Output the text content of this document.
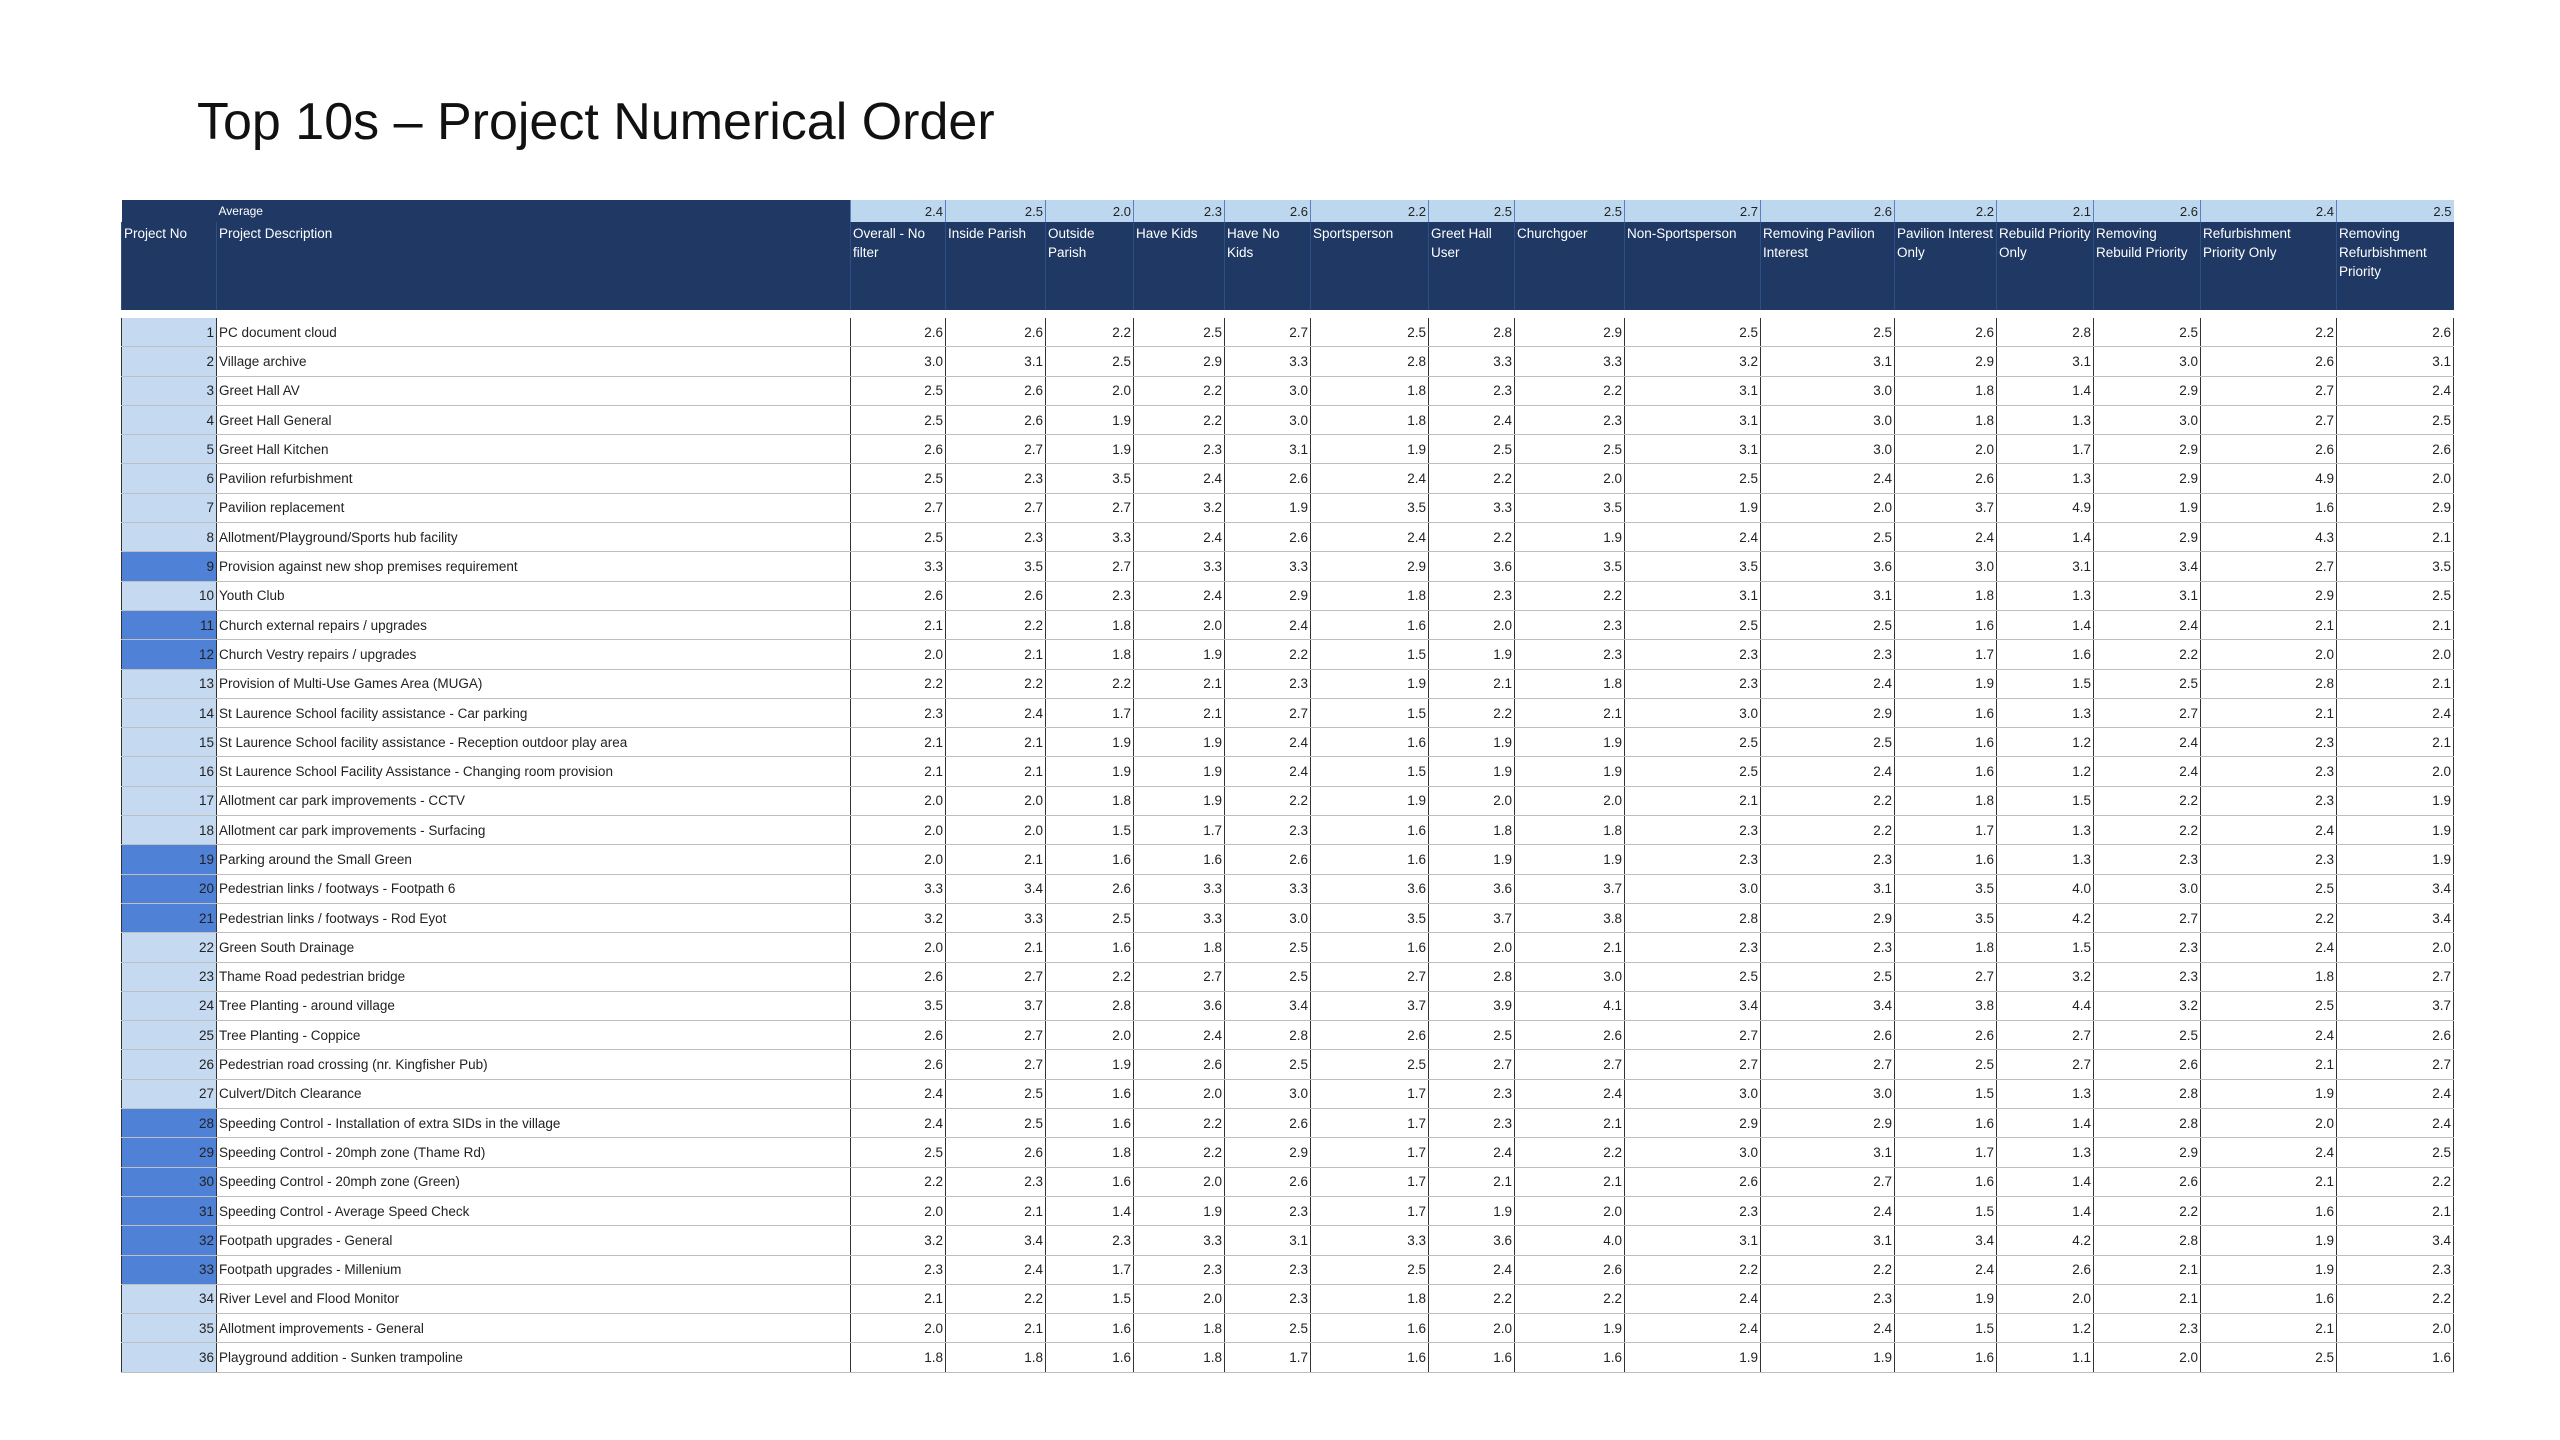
Top 10s – Project Numerical Order
	Average	2.4	2.5	2.0	2.3	2.6	2.2	2.5	2.5	2.7	2.6	2.2	2.1	2.6	2.4	2.5
Project No	Project Description	Overall - No filter	Inside Parish	Outside Parish	Have Kids	Have No Kids	Sportsperson	Greet Hall User	Churchgoer	Non-Sportsperson	Removing Pavilion Interest	Pavilion Interest Only	Rebuild Priority Only	Removing Rebuild Priority	Refurbishment Priority Only	Removing Refurbishment Priority

1	PC document cloud	2.6	2.6	2.2	2.5	2.7	2.5	2.8	2.9	2.5	2.5	2.6	2.8	2.5	2.2	2.6
2	Village archive	3.0	3.1	2.5	2.9	3.3	2.8	3.3	3.3	3.2	3.1	2.9	3.1	3.0	2.6	3.1
3	Greet Hall AV	2.5	2.6	2.0	2.2	3.0	1.8	2.3	2.2	3.1	3.0	1.8	1.4	2.9	2.7	2.4
4	Greet Hall General	2.5	2.6	1.9	2.2	3.0	1.8	2.4	2.3	3.1	3.0	1.8	1.3	3.0	2.7	2.5
5	Greet Hall Kitchen	2.6	2.7	1.9	2.3	3.1	1.9	2.5	2.5	3.1	3.0	2.0	1.7	2.9	2.6	2.6
6	Pavilion refurbishment	2.5	2.3	3.5	2.4	2.6	2.4	2.2	2.0	2.5	2.4	2.6	1.3	2.9	4.9	2.0
7	Pavilion replacement	2.7	2.7	2.7	3.2	1.9	3.5	3.3	3.5	1.9	2.0	3.7	4.9	1.9	1.6	2.9
8	Allotment/Playground/Sports hub facility	2.5	2.3	3.3	2.4	2.6	2.4	2.2	1.9	2.4	2.5	2.4	1.4	2.9	4.3	2.1
9	Provision against new shop premises requirement	3.3	3.5	2.7	3.3	3.3	2.9	3.6	3.5	3.5	3.6	3.0	3.1	3.4	2.7	3.5
10	Youth Club	2.6	2.6	2.3	2.4	2.9	1.8	2.3	2.2	3.1	3.1	1.8	1.3	3.1	2.9	2.5
11	Church external repairs / upgrades	2.1	2.2	1.8	2.0	2.4	1.6	2.0	2.3	2.5	2.5	1.6	1.4	2.4	2.1	2.1
12	Church Vestry repairs / upgrades	2.0	2.1	1.8	1.9	2.2	1.5	1.9	2.3	2.3	2.3	1.7	1.6	2.2	2.0	2.0
13	Provision of Multi-Use Games Area (MUGA)	2.2	2.2	2.2	2.1	2.3	1.9	2.1	1.8	2.3	2.4	1.9	1.5	2.5	2.8	2.1
14	St Laurence School facility assistance - Car parking	2.3	2.4	1.7	2.1	2.7	1.5	2.2	2.1	3.0	2.9	1.6	1.3	2.7	2.1	2.4
15	St Laurence School facility assistance - Reception outdoor play area	2.1	2.1	1.9	1.9	2.4	1.6	1.9	1.9	2.5	2.5	1.6	1.2	2.4	2.3	2.1
16	St Laurence School Facility Assistance - Changing room provision	2.1	2.1	1.9	1.9	2.4	1.5	1.9	1.9	2.5	2.4	1.6	1.2	2.4	2.3	2.0
17	Allotment car park improvements - CCTV	2.0	2.0	1.8	1.9	2.2	1.9	2.0	2.0	2.1	2.2	1.8	1.5	2.2	2.3	1.9
18	Allotment car park improvements - Surfacing	2.0	2.0	1.5	1.7	2.3	1.6	1.8	1.8	2.3	2.2	1.7	1.3	2.2	2.4	1.9
19	Parking around the Small Green	2.0	2.1	1.6	1.6	2.6	1.6	1.9	1.9	2.3	2.3	1.6	1.3	2.3	2.3	1.9
20	Pedestrian links / footways - Footpath 6	3.3	3.4	2.6	3.3	3.3	3.6	3.6	3.7	3.0	3.1	3.5	4.0	3.0	2.5	3.4
21	Pedestrian links / footways - Rod Eyot	3.2	3.3	2.5	3.3	3.0	3.5	3.7	3.8	2.8	2.9	3.5	4.2	2.7	2.2	3.4
22	Green South Drainage	2.0	2.1	1.6	1.8	2.5	1.6	2.0	2.1	2.3	2.3	1.8	1.5	2.3	2.4	2.0
23	Thame Road pedestrian bridge	2.6	2.7	2.2	2.7	2.5	2.7	2.8	3.0	2.5	2.5	2.7	3.2	2.3	1.8	2.7
24	Tree Planting - around village	3.5	3.7	2.8	3.6	3.4	3.7	3.9	4.1	3.4	3.4	3.8	4.4	3.2	2.5	3.7
25	Tree Planting - Coppice	2.6	2.7	2.0	2.4	2.8	2.6	2.5	2.6	2.7	2.6	2.6	2.7	2.5	2.4	2.6
26	Pedestrian road crossing (nr. Kingfisher Pub)	2.6	2.7	1.9	2.6	2.5	2.5	2.7	2.7	2.7	2.7	2.5	2.7	2.6	2.1	2.7
27	Culvert/Ditch Clearance	2.4	2.5	1.6	2.0	3.0	1.7	2.3	2.4	3.0	3.0	1.5	1.3	2.8	1.9	2.4
28	Speeding Control - Installation of extra SIDs in the village	2.4	2.5	1.6	2.2	2.6	1.7	2.3	2.1	2.9	2.9	1.6	1.4	2.8	2.0	2.4
29	Speeding Control - 20mph zone (Thame Rd)	2.5	2.6	1.8	2.2	2.9	1.7	2.4	2.2	3.0	3.1	1.7	1.3	2.9	2.4	2.5
30	Speeding Control - 20mph zone (Green)	2.2	2.3	1.6	2.0	2.6	1.7	2.1	2.1	2.6	2.7	1.6	1.4	2.6	2.1	2.2
31	Speeding Control - Average Speed Check	2.0	2.1	1.4	1.9	2.3	1.7	1.9	2.0	2.3	2.4	1.5	1.4	2.2	1.6	2.1
32	Footpath upgrades - General	3.2	3.4	2.3	3.3	3.1	3.3	3.6	4.0	3.1	3.1	3.4	4.2	2.8	1.9	3.4
33	Footpath upgrades - Millenium	2.3	2.4	1.7	2.3	2.3	2.5	2.4	2.6	2.2	2.2	2.4	2.6	2.1	1.9	2.3
34	River Level and Flood Monitor	2.1	2.2	1.5	2.0	2.3	1.8	2.2	2.2	2.4	2.3	1.9	2.0	2.1	1.6	2.2
35	Allotment improvements - General	2.0	2.1	1.6	1.8	2.5	1.6	2.0	1.9	2.4	2.4	1.5	1.2	2.3	2.1	2.0
36	Playground addition - Sunken trampoline	1.8	1.8	1.6	1.8	1.7	1.6	1.6	1.6	1.9	1.9	1.6	1.1	2.0	2.5	1.6
